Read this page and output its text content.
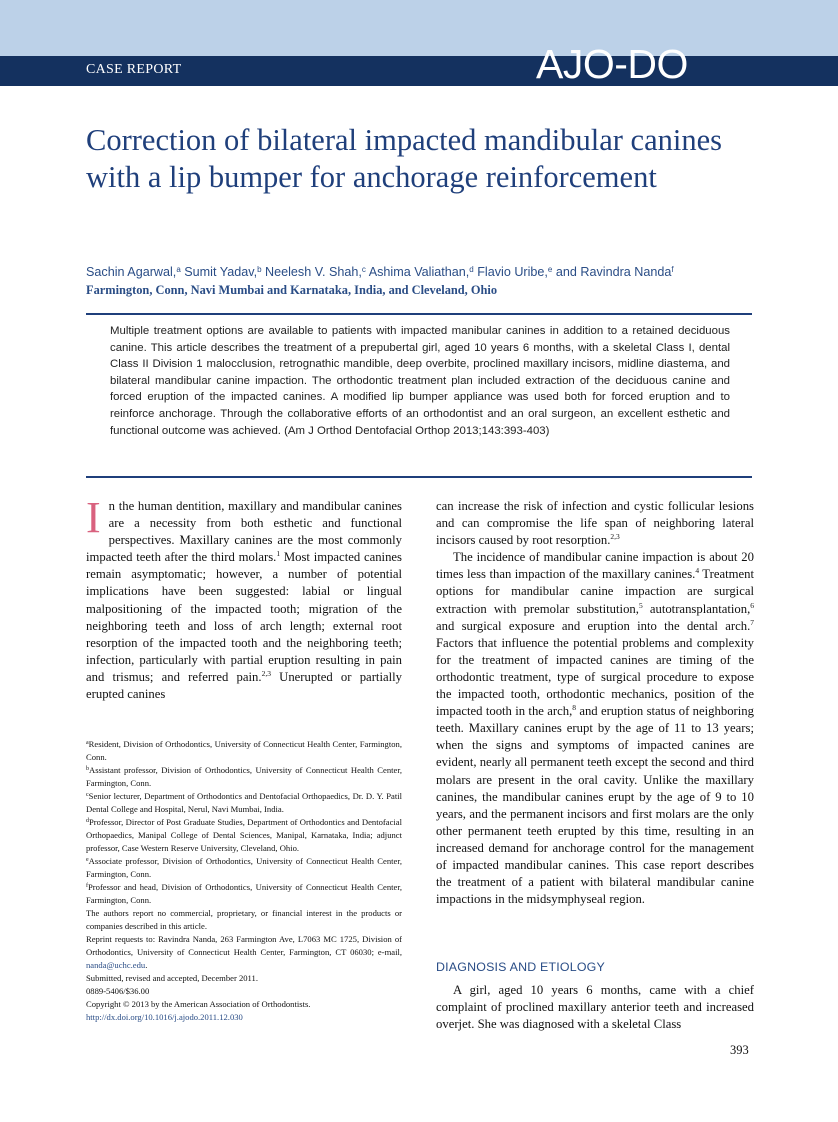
CASE REPORT	AJO-DO
Correction of bilateral impacted mandibular canines with a lip bumper for anchorage reinforcement
Sachin Agarwal,$^a$ Sumit Yadav,$^b$ Neelesh V. Shah,$^c$ Ashima Valiathan,$^d$ Flavio Uribe,$^e$ and Ravindra Nanda$^f$
Farmington, Conn, Navi Mumbai and Karnataka, India, and Cleveland, Ohio

Multiple treatment options are available to patients with impacted manibular canines in addition to a retained deciduous canine. This article describes the treatment of a prepubertal girl, aged 10 years 6 months, with a skeletal Class I, dental Class II Division 1 malocclusion, retrognathic mandible, deep overbite, proclined maxillary incisors, midline diastema, and bilateral mandibular canine impaction. The orthodontic treatment plan included extraction of the deciduous canine and forced eruption of the impacted canines. A modified lip bumper appliance was used both for forced eruption and to reinforce anchorage. Through the collaborative efforts of an orthodontist and an oral surgeon, an excellent esthetic and functional outcome was achieved. (Am J Orthod Dentofacial Orthop 2013;143:393-403)

In the human dentition, maxillary and mandibular canines are a necessity from both esthetic and functional perspectives. Maxillary canines are the most commonly impacted teeth after the third molars.$^1$ Most impacted canines remain asymptomatic; however, a number of potential implications have been suggested: labial or lingual malpositioning of the impacted tooth; migration of the neighboring teeth and loss of arch length; external root resorption of the impacted tooth and the neighboring teeth; infection, particularly with partial eruption resulting in pain and trismus; and referred pain.$^{2,3}$ Unerupted or partially erupted canines

can increase the risk of infection and cystic follicular lesions and can compromise the life span of neighboring lateral incisors caused by root resorption.$^{2,3}$

The incidence of mandibular canine impaction is about 20 times less than impaction of the maxillary canines.$^4$ Treatment options for mandibular canine impaction are surgical extraction with premolar substitution,$^5$ autotransplantation,$^6$ and surgical exposure and eruption into the dental arch.$^7$ Factors that influence the potential problems and complexity for the treatment of impacted canines are timing of the orthodontic treatment, type of surgical procedure to expose the impacted tooth, orthodontic mechanics, position of the impacted tooth in the arch,$^8$ and eruption status of neighboring teeth. Maxillary canines erupt by the age of 11 to 13 years; when the signs and symptoms of impacted canines are evident, nearly all permanent teeth except the second and third molars are present in the oral cavity. Unlike the maxillary canines, the mandibular canines erupt by the age of 9 to 10 years, and the permanent incisors and first molars are the only other permanent teeth erupted by this time, resulting in an increased demand for anchorage control for the management of impacted mandibular canines. This case report describes the treatment of a patient with bilateral mandibular canine impactions in the midsymphyseal region.

DIAGNOSIS AND ETIOLOGY

A girl, aged 10 years 6 months, came with a chief complaint of proclined maxillary anterior teeth and increased overjet. She was diagnosed with a skeletal Class

$^a$Resident, Division of Orthodontics, University of Connecticut Health Center, Farmington, Conn.
$^b$Assistant professor, Division of Orthodontics, University of Connecticut Health Center, Farmington, Conn.
$^c$Senior lecturer, Department of Orthodontics and Dentofacial Orthopaedics, Dr. D. Y. Patil Dental College and Hospital, Nerul, Navi Mumbai, India.
$^d$Professor, Director of Post Graduate Studies, Department of Orthodontics and Dentofacial Orthopaedics, Manipal College of Dental Sciences, Manipal, Karnataka, India; adjunct professor, Case Western Reserve University, Cleveland, Ohio.
$^e$Associate professor, Division of Orthodontics, University of Connecticut Health Center, Farmington, Conn.
$^f$Professor and head, Division of Orthodontics, University of Connecticut Health Center, Farmington, Conn.
The authors report no commercial, proprietary, or financial interest in the products or companies described in this article.
Reprint requests to: Ravindra Nanda, 263 Farmington Ave, L7063 MC 1725, Division of Orthodontics, University of Connecticut Health Center, Farmington, CT 06030; e-mail, nanda@uchc.edu.
Submitted, revised and accepted, December 2011.
0889-5406/$36.00
Copyright © 2013 by the American Association of Orthodontists.
http://dx.doi.org/10.1016/j.ajodo.2011.12.030
393
